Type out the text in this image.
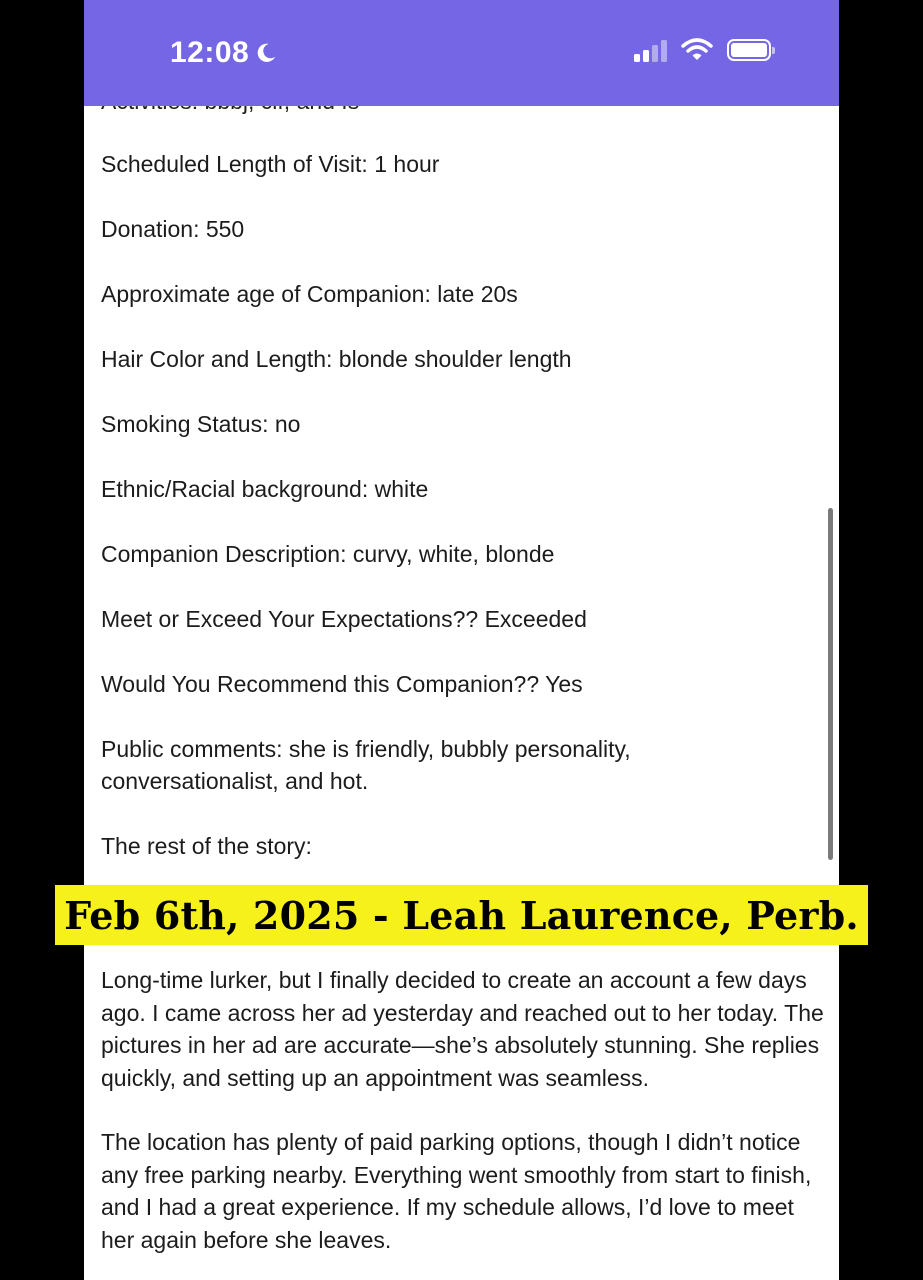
12:08
Scheduled Length of Visit: 1 hour
Donation: 550
Approximate age of Companion: late 20s
Hair Color and Length: blonde shoulder length
Smoking Status: no
Ethnic/Racial background: white
Companion Description: curvy, white, blonde
Meet or Exceed Your Expectations?? Exceeded
Would You Recommend this Companion?? Yes
Public comments: she is friendly, bubbly personality, conversationalist, and hot.
The rest of the story:

Long-time lurker, but I finally decided to create an account a few days ago. I came across her ad yesterday and reached out to her today. The pictures in her ad are accurate—she’s absolutely stunning. She replies quickly, and setting up an appointment was seamless.

The location has plenty of paid parking options, though I didn’t notice any free parking nearby. Everything went smoothly from start to finish, and I had a great experience. If my schedule allows, I’d love to meet her again before she leaves.

Feb 6th, 2025 - Leah Laurence, Perb.
